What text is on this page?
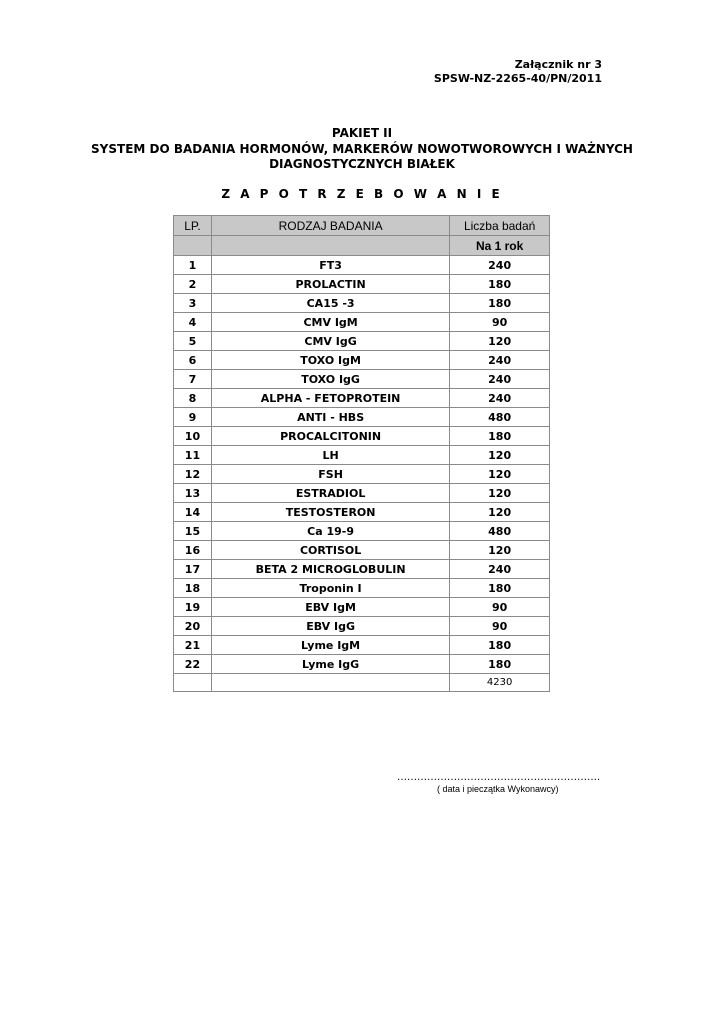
Załącznik nr 3
SPSW-NZ-2265-40/PN/2011
PAKIET II
SYSTEM DO BADANIA HORMONÓW, MARKERÓW NOWOTWOROWYCH I WAŻNYCH
DIAGNOSTYCZNYCH BIAŁEK
Z A P O T R Z E B O W A N I E
LP.	RODZAJ BADANIA	Liczba badań
		Na 1 rok
1	FT3	240
2	PROLACTIN	180
3	CA15 -3	180
4	CMV IgM	90
5	CMV IgG	120
6	TOXO IgM	240
7	TOXO IgG	240
8	ALPHA - FETOPROTEIN	240
9	ANTI - HBS	480
10	PROCALCITONIN	180
11	LH	120
12	FSH	120
13	ESTRADIOL	120
14	TESTOSTERON	120
15	Ca 19-9	480
16	CORTISOL	120
17	BETA 2 MICROGLOBULIN	240
18	Troponin I	180
19	EBV IgM	90
20	EBV IgG	90
21	Lyme IgM	180
22	Lyme IgG	180
		4230
…………………………………………………….
( data i pieczątka Wykonawcy)
